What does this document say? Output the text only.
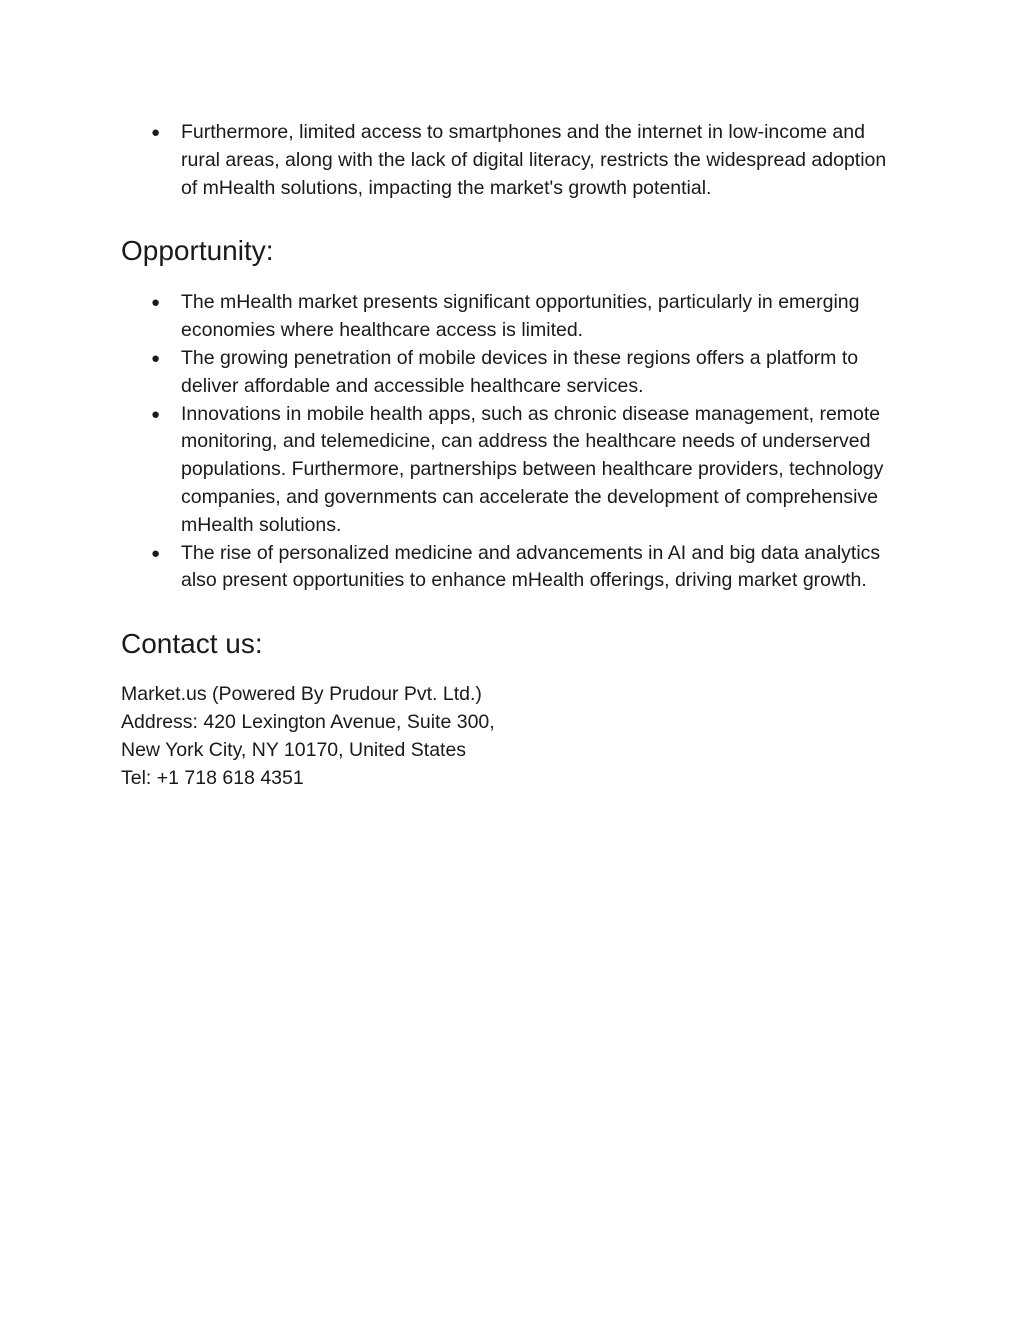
● Furthermore, limited access to smartphones and the internet in low-income and rural areas, along with the lack of digital literacy, restricts the widespread adoption of mHealth solutions, impacting the market's growth potential.
Opportunity:
● The mHealth market presents significant opportunities, particularly in emerging economies where healthcare access is limited.
● The growing penetration of mobile devices in these regions offers a platform to deliver affordable and accessible healthcare services.
● Innovations in mobile health apps, such as chronic disease management, remote monitoring, and telemedicine, can address the healthcare needs of underserved populations. Furthermore, partnerships between healthcare providers, technology companies, and governments can accelerate the development of comprehensive mHealth solutions.
● The rise of personalized medicine and advancements in AI and big data analytics also present opportunities to enhance mHealth offerings, driving market growth.
Contact us:

Market.us (Powered By Prudour Pvt. Ltd.)

Address: 420 Lexington Avenue, Suite 300,

New York City, NY 10170, United States

Tel: +1 718 618 4351
